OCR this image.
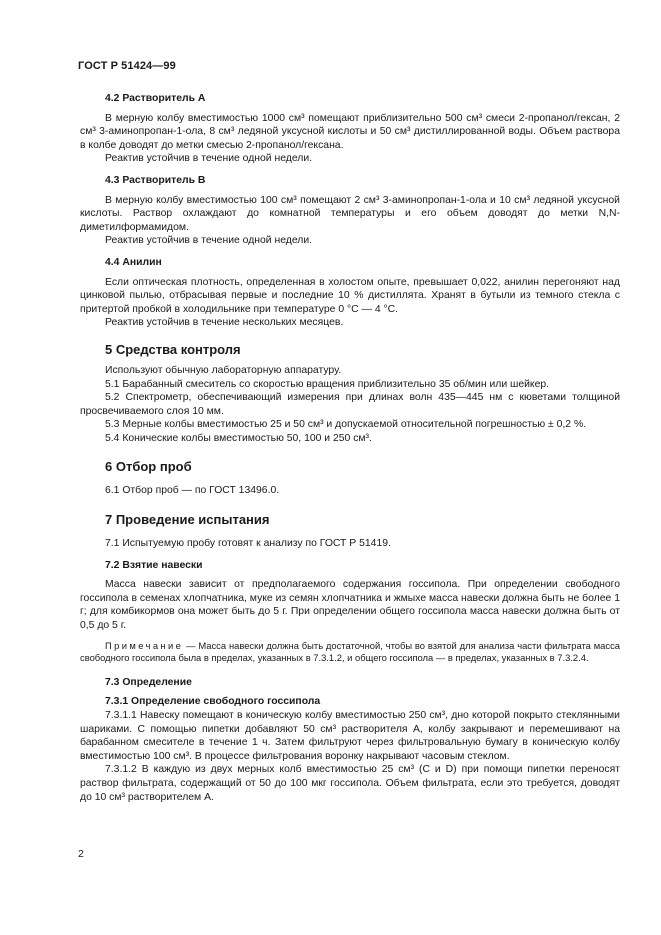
ГОСТ Р 51424—99

4.2 Растворитель А

В мерную колбу вместимостью 1000 см³ помещают приблизительно 500 см³ смеси 2-пропанол/гексан, 2 см³ 3-аминопропан-1-ола, 8 см³ ледяной уксусной кислоты и 50 см³ дистиллированной воды. Объем раствора в колбе доводят до метки смесью 2-пропанол/гексана.

Реактив устойчив в течение одной недели.

4.3 Растворитель В

В мерную колбу вместимостью 100 см³ помещают 2 см³ 3-аминопропан-1-ола и 10 см³ ледяной уксусной кислоты. Раствор охлаждают до комнатной температуры и его объем доводят до метки N,N-диметилформамидом.

Реактив устойчив в течение одной недели.

4.4 Анилин

Если оптическая плотность, определенная в холостом опыте, превышает 0,022, анилин перегоняют над цинковой пылью, отбрасывая первые и последние 10 % дистиллята. Хранят в бутыли из темного стекла с притертой пробкой в холодильнике при температуре 0 °С — 4 °С.

Реактив устойчив в течение нескольких месяцев.

5 Средства контроля

Используют обычную лабораторную аппаратуру.

5.1 Барабанный смеситель со скоростью вращения приблизительно 35 об/мин или шейкер.

5.2 Спектрометр, обеспечивающий измерения при длинах волн 435—445 нм с кюветами толщиной просвечиваемого слоя 10 мм.

5.3 Мерные колбы вместимостью 25 и 50 см³ и допускаемой относительной погрешностью ± 0,2 %.

5.4 Конические колбы вместимостью 50, 100 и 250 см³.

6 Отбор проб

6.1 Отбор проб — по ГОСТ 13496.0.

7 Проведение испытания

7.1 Испытуемую пробу готовят к анализу по ГОСТ Р 51419.

7.2 Взятие навески

Масса навески зависит от предполагаемого содержания госсипола. При определении свободного госсипола в семенах хлопчатника, муке из семян хлопчатника и жмыхе масса навески должна быть не более 1 г; для комбикормов она может быть до 5 г. При определении общего госсипола масса навески должна быть от 0,5 до 5 г.

Примечание — Масса навески должна быть достаточной, чтобы во взятой для анализа части фильтрата масса свободного госсипола была в пределах, указанных в 7.3.1.2, и общего госсипола — в пределах, указанных в 7.3.2.4.

7.3 Определение

7.3.1 Определение свободного госсипола

7.3.1.1 Навеску помещают в коническую колбу вместимостью 250 см³, дно которой покрыто стеклянными шариками. С помощью пипетки добавляют 50 см³ растворителя А, колбу закрывают и перемешивают на барабанном смесителе в течение 1 ч. Затем фильтруют через фильтровальную бумагу в коническую колбу вместимостью 100 см³. В процессе фильтрования воронку накрывают часовым стеклом.

7.3.1.2 В каждую из двух мерных колб вместимостью 25 см³ (С и D) при помощи пипетки переносят раствор фильтрата, содержащий от 50 до 100 мкг госсипола. Объем фильтрата, если это требуется, доводят до 10 см³ растворителем А.

2
